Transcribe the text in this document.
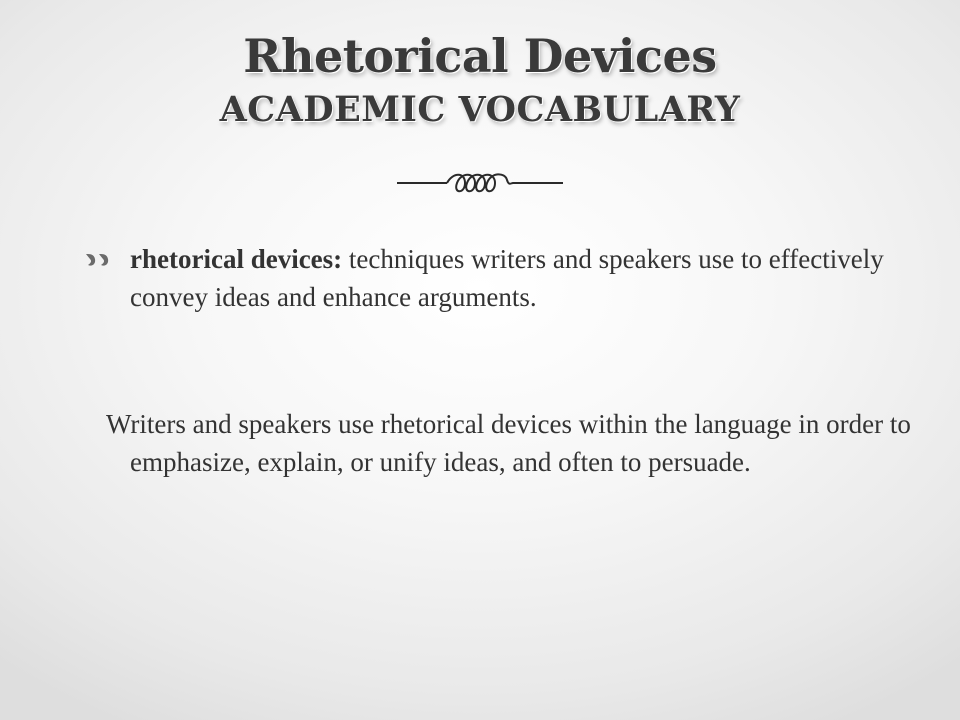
Rhetorical Devices
ACADEMIC VOCABULARY
rhetorical devices: techniques writers and speakers use to effectively convey ideas and enhance arguments.
Writers and speakers use rhetorical devices within the language in order to emphasize, explain, or unify ideas, and often to persuade.
